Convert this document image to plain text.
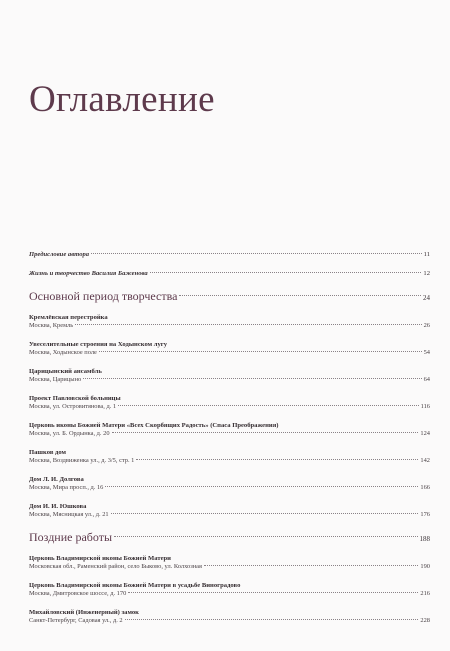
Оглавление
Предисловие автора	11
Жизнь и творчество Василия Баженова	12
Основной период творчества	24
Кремлёвская перестройка
Москва, Кремль	26
Увеселительные строения на Ходынском лугу
Москва, Ходынское поле	54
Царицынский ансамбль
Москва, Царицыно	64
Проект Павловской больницы
Москва, ул. Островитянова, д. 1	116
Церковь иконы Божией Матери «Всех Скорбящих Радость» (Спаса Преображения)
Москва, ул. Б. Ордынка, д. 20	124
Пашков дом
Москва, Воздвиженка ул., д. 3/5, стр. 1	142
Дом Л. И. Долгова
Москва, Мира просп., д. 16	166
Дом И. И. Юшкова
Москва, Мясницкая ул., д. 21	176
Поздние работы	188
Церковь Владимирской иконы Божией Матери
Московская обл., Раменский район, село Быково, ул. Колхозная	190
Церковь Владимирской иконы Божией Матери в усадьбе Виноградово
Москва, Дмитровское шоссе, д. 170	216
Михайловский (Инженерный) замок
Санкт-Петербург, Садовая ул., д. 2	228
